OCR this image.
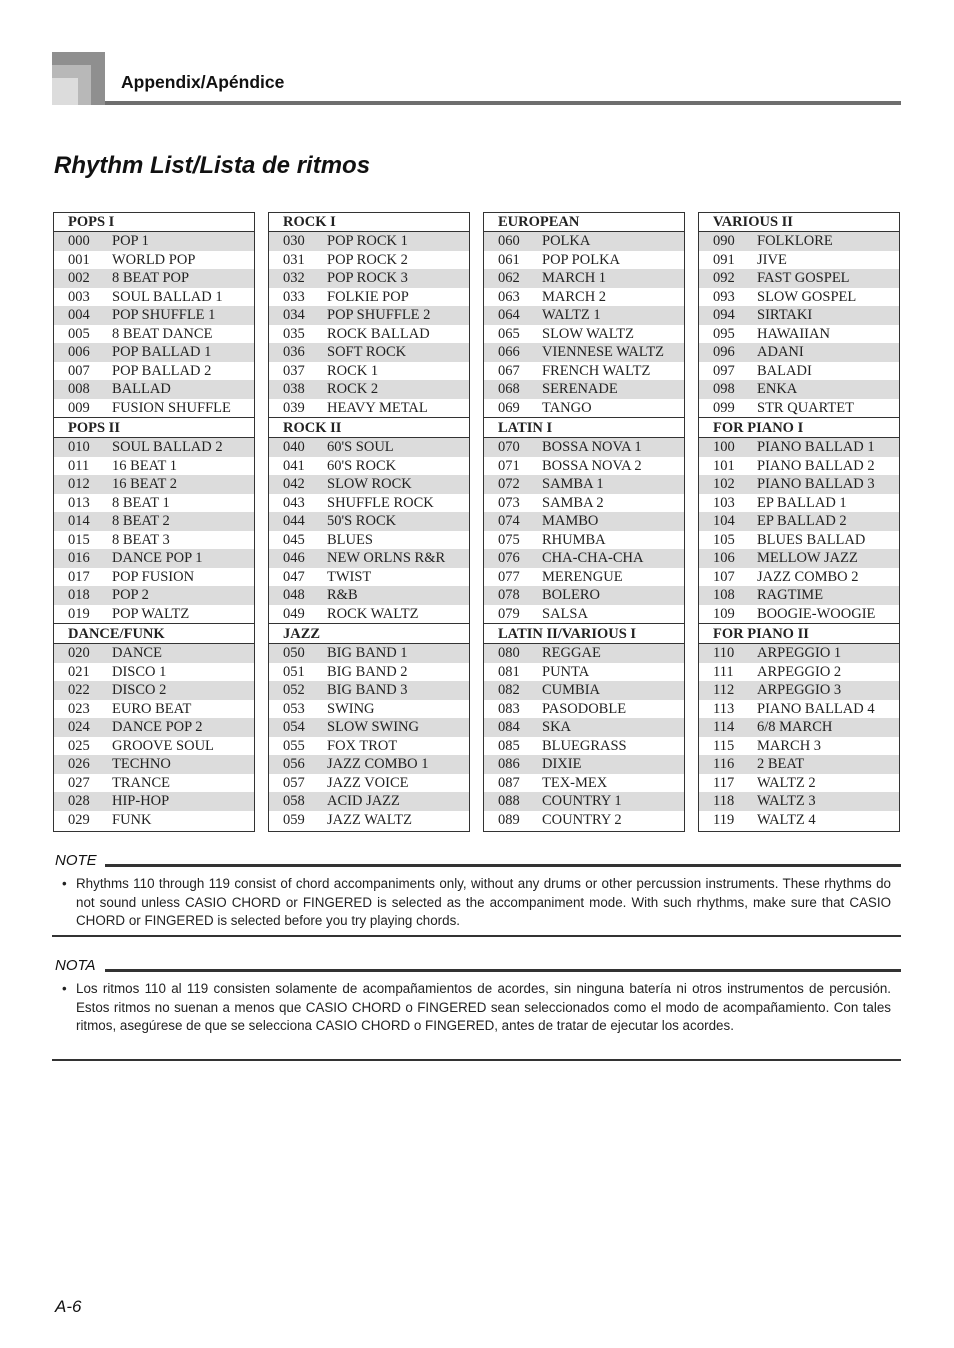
Appendix/Apéndice
Rhythm List/Lista de ritmos
POPS I
000	POP 1
001	WORLD POP
002	8 BEAT POP
003	SOUL BALLAD 1
004	POP SHUFFLE 1
005	8 BEAT DANCE
006	POP BALLAD 1
007	POP BALLAD 2
008	BALLAD
009	FUSION SHUFFLE
POPS II
010	SOUL BALLAD 2
011	16 BEAT 1
012	16 BEAT 2
013	8 BEAT 1
014	8 BEAT 2
015	8 BEAT 3
016	DANCE POP 1
017	POP FUSION
018	POP 2
019	POP WALTZ
DANCE/FUNK
020	DANCE
021	DISCO 1
022	DISCO 2
023	EURO BEAT
024	DANCE POP 2
025	GROOVE SOUL
026	TECHNO
027	TRANCE
028	HIP-HOP
029	FUNK
ROCK I
030	POP ROCK 1
031	POP ROCK 2
032	POP ROCK 3
033	FOLKIE POP
034	POP SHUFFLE 2
035	ROCK BALLAD
036	SOFT ROCK
037	ROCK 1
038	ROCK 2
039	HEAVY METAL
ROCK II
040	60'S SOUL
041	60'S ROCK
042	SLOW ROCK
043	SHUFFLE ROCK
044	50'S ROCK
045	BLUES
046	NEW ORLNS R&R
047	TWIST
048	R&B
049	ROCK WALTZ
JAZZ
050	BIG BAND 1
051	BIG BAND 2
052	BIG BAND 3
053	SWING
054	SLOW SWING
055	FOX TROT
056	JAZZ COMBO 1
057	JAZZ VOICE
058	ACID JAZZ
059	JAZZ WALTZ
EUROPEAN
060	POLKA
061	POP POLKA
062	MARCH 1
063	MARCH 2
064	WALTZ 1
065	SLOW WALTZ
066	VIENNESE WALTZ
067	FRENCH WALTZ
068	SERENADE
069	TANGO
LATIN I
070	BOSSA NOVA 1
071	BOSSA NOVA 2
072	SAMBA 1
073	SAMBA 2
074	MAMBO
075	RHUMBA
076	CHA-CHA-CHA
077	MERENGUE
078	BOLERO
079	SALSA
LATIN II/VARIOUS I
080	REGGAE
081	PUNTA
082	CUMBIA
083	PASODOBLE
084	SKA
085	BLUEGRASS
086	DIXIE
087	TEX-MEX
088	COUNTRY 1
089	COUNTRY 2
VARIOUS II
090	FOLKLORE
091	JIVE
092	FAST GOSPEL
093	SLOW GOSPEL
094	SIRTAKI
095	HAWAIIAN
096	ADANI
097	BALADI
098	ENKA
099	STR QUARTET
FOR PIANO I
100	PIANO BALLAD 1
101	PIANO BALLAD 2
102	PIANO BALLAD 3
103	EP BALLAD 1
104	EP BALLAD 2
105	BLUES BALLAD
106	MELLOW JAZZ
107	JAZZ COMBO 2
108	RAGTIME
109	BOOGIE-WOOGIE
FOR PIANO II
110	ARPEGGIO 1
111	ARPEGGIO 2
112	ARPEGGIO 3
113	PIANO BALLAD 4
114	6/8 MARCH
115	MARCH 3
116	2 BEAT
117	WALTZ 2
118	WALTZ 3
119	WALTZ 4
NOTE
• Rhythms 110 through 119 consist of chord accompaniments only, without any drums or other percussion instruments. These rhythms do not sound unless CASIO CHORD or FINGERED is selected as the accompaniment mode. With such rhythms, make sure that CASIO CHORD or FINGERED is selected before you try playing chords.
NOTA
• Los ritmos 110 al 119 consisten solamente de acompañamientos de acordes, sin ninguna batería ni otros instrumentos de percusión. Estos ritmos no suenan a menos que CASIO CHORD o FINGERED sean seleccionados como el modo de acompañamiento. Con tales ritmos, asegúrese de que se selecciona CASIO CHORD o FINGERED, antes de tratar de ejecutar los acordes.
A-6
